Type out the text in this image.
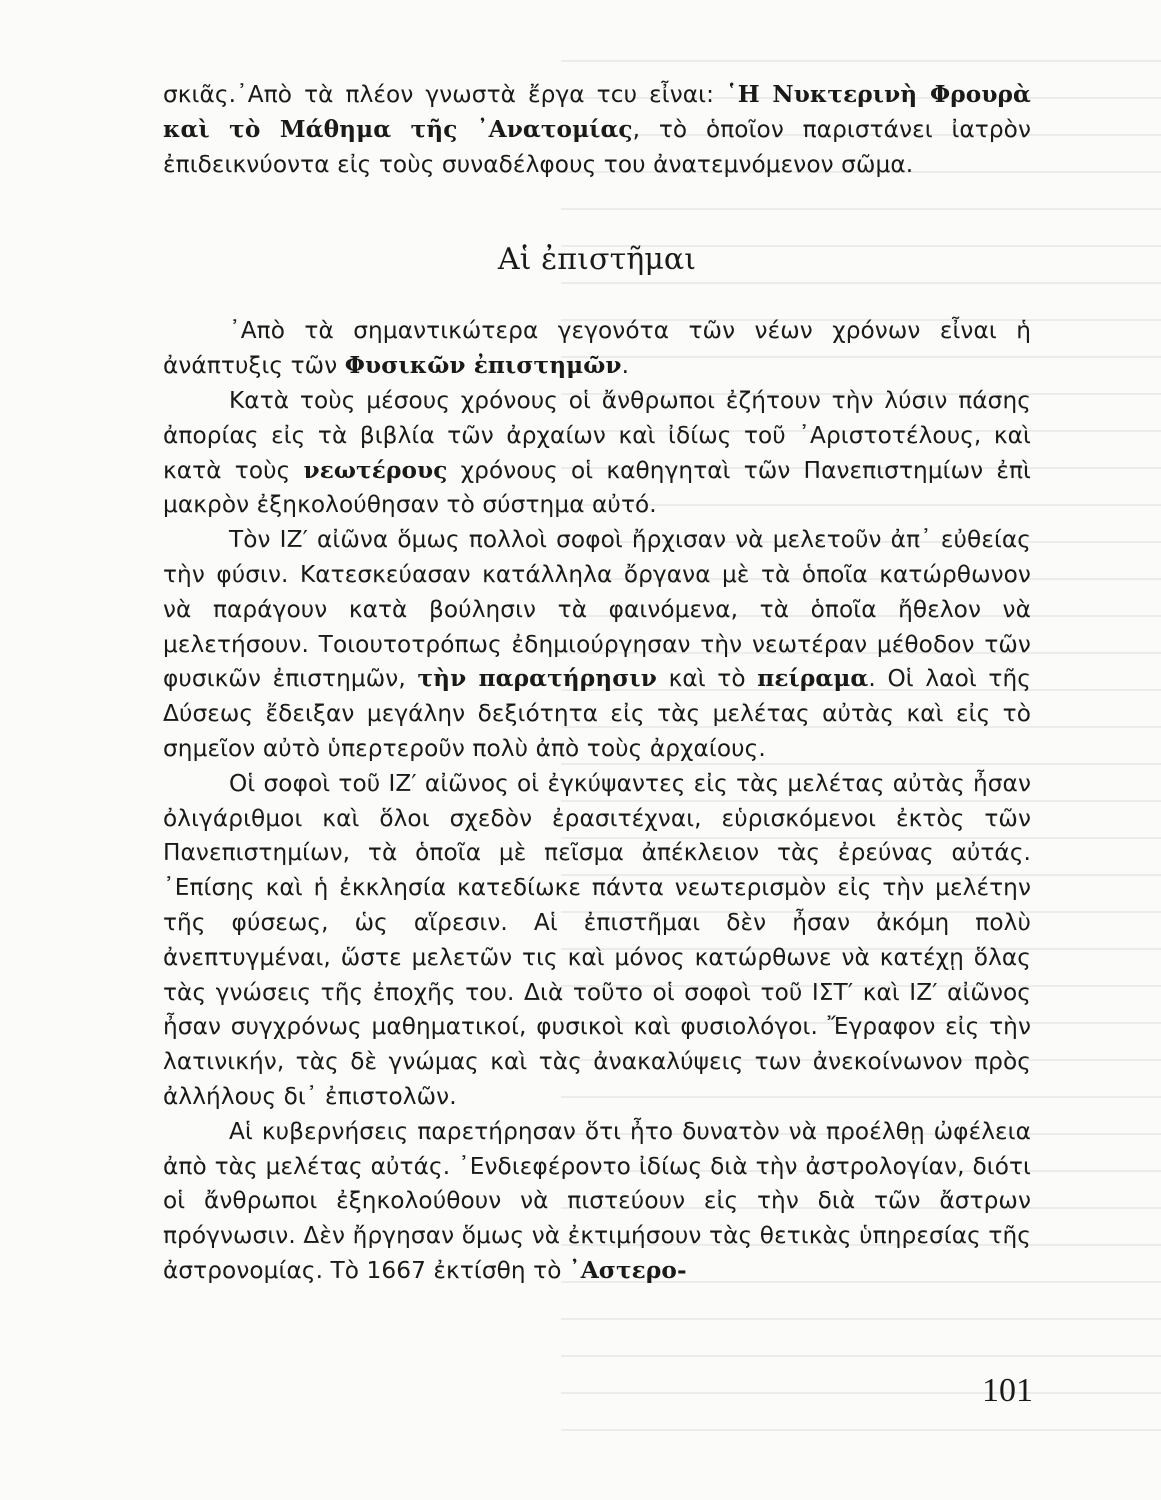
σκιᾶς.᾿Απὸ τὰ πλέον γνωστὰ ἔργα τcυ εἶναι: ῾Η Νυκτερινὴ Φρουρὰ καὶ τὸ Μάθημα τῆς ᾿Ανατομίας, τὸ ὁποῖον παριστάνει ἰατρὸν ἐπιδεικνύοντα εἰς τοὺς συναδέλφους του ἀνατεμνόμενον σῶμα.

Αἱ ἐπιστῆμαι

᾿Απὸ τὰ σημαντικώτερα γεγονότα τῶν νέων χρόνων εἶναι ἡ ἀνάπτυξις τῶν Φυσικῶν ἐπιστημῶν.

Κατὰ τοὺς μέσους χρόνους οἱ ἄνθρωποι ἐζήτουν τὴν λύσιν πάσης ἀπορίας εἰς τὰ βιβλία τῶν ἀρχαίων καὶ ἰδίως τοῦ ᾿Αριστοτέλους, καὶ κατὰ τοὺς νεωτέρους χρόνους οἱ καθηγηταὶ τῶν Πανεπιστημίων ἐπὶ μακρὸν ἐξηκολούθησαν τὸ σύστημα αὐτό.

Τὸν ΙΖ′ αἰῶνα ὅμως πολλοὶ σοφοὶ ἤρχισαν νὰ μελετοῦν ἀπ᾿ εὐθείας τὴν φύσιν. Κατεσκεύασαν κατάλληλα ὄργανα μὲ τὰ ὁποῖα κατώρθωνον νὰ παράγουν κατὰ βούλησιν τὰ φαινόμενα, τὰ ὁποῖα ἤθελον νὰ μελετήσουν. Τοιουτοτρόπως ἐδημιούργησαν τὴν νεωτέραν μέθοδον τῶν φυσικῶν ἐπιστημῶν, τὴν παρατήρησιν καὶ τὸ πείραμα. Οἱ λαοὶ τῆς Δύσεως ἔδειξαν μεγάλην δεξιότητα εἰς τὰς μελέτας αὐτὰς καὶ εἰς τὸ σημεῖον αὐτὸ ὑπερτεροῦν πολὺ ἀπὸ τοὺς ἀρχαίους.

Οἱ σοφοὶ τοῦ ΙΖ′ αἰῶνος οἱ ἐγκύψαντες εἰς τὰς μελέτας αὐτὰς ἦσαν ὀλιγάριθμοι καὶ ὅλοι σχεδὸν ἐρασιτέχναι, εὑρισκόμενοι ἐκτὸς τῶν Πανεπιστημίων, τὰ ὁποῖα μὲ πεῖσμα ἀπέκλειον τὰς ἐρεύνας αὐτάς. ᾿Επίσης καὶ ἡ ἐκκλησία κατεδίωκε πάντα νεωτερισμὸν εἰς τὴν μελέτην τῆς φύσεως, ὡς αἵρεσιν. Αἱ ἐπιστῆμαι δὲν ἦσαν ἀκόμη πολὺ ἀνεπτυγμέναι, ὥστε μελετῶν τις καὶ μόνος κατώρθωνε νὰ κατέχῃ ὅλας τὰς γνώσεις τῆς ἐποχῆς του. Διὰ τοῦτο οἱ σοφοὶ τοῦ ΙΣΤ′ καὶ ΙΖ′ αἰῶνος ἦσαν συγχρόνως μαθηματικοί, φυσικοὶ καὶ φυσιολόγοι. Ἔγραφον εἰς τὴν λατινικήν, τὰς δὲ γνώμας καὶ τὰς ἀνακαλύψεις των ἀνεκοίνωνον πρὸς ἀλλήλους δι᾿ ἐπιστολῶν.

Αἱ κυβερνήσεις παρετήρησαν ὅτι ἦτο δυνατὸν νὰ προέλθῃ ὠφέλεια ἀπὸ τὰς μελέτας αὐτάς. ᾿Ενδιεφέροντο ἰδίως διὰ τὴν ἀστρολογίαν, διότι οἱ ἄνθρωποι ἐξηκολούθουν νὰ πιστεύουν εἰς τὴν διὰ τῶν ἄστρων πρόγνωσιν. Δὲν ἤργησαν ὅμως νὰ ἐκτιμήσουν τὰς θετικὰς ὑπηρεσίας τῆς ἀστρονομίας. Τὸ 1667 ἐκτίσθη τὸ ᾿Αστερο-

101
